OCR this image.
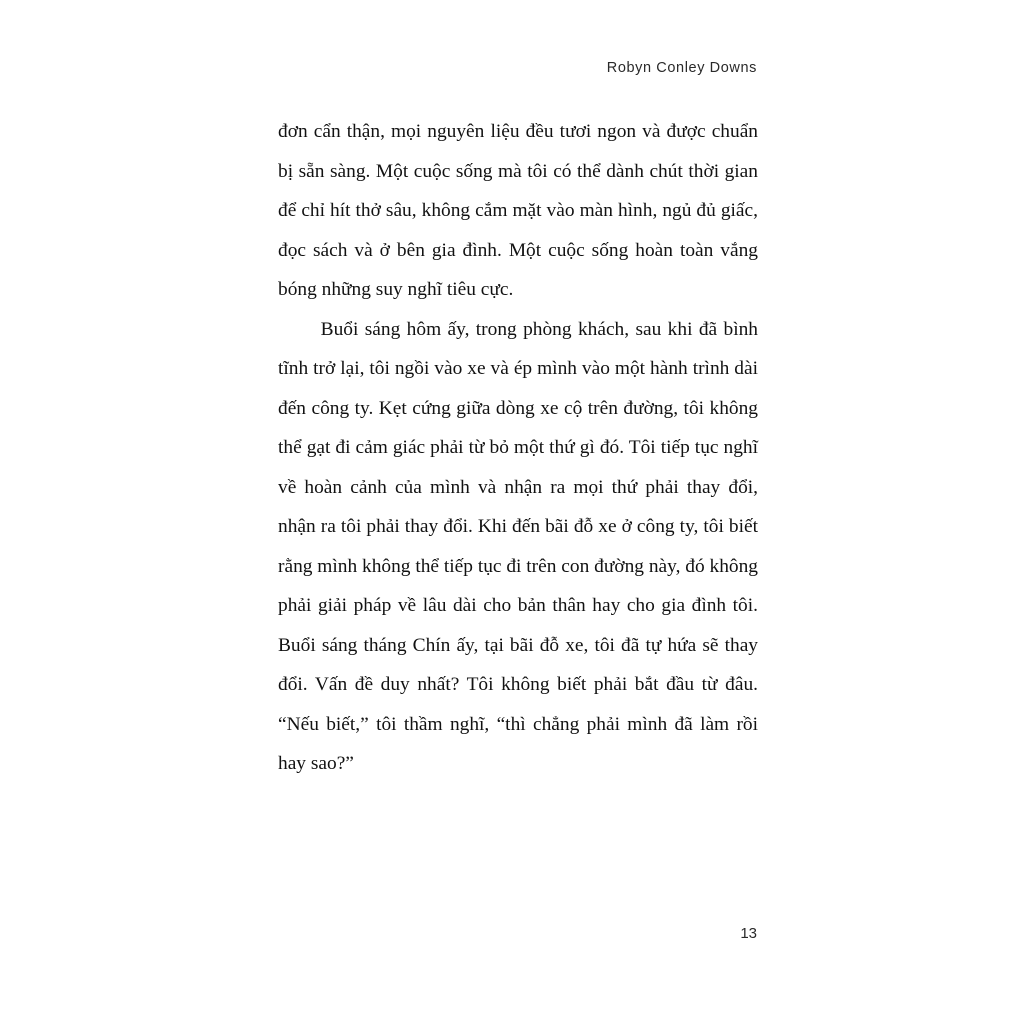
Robyn Conley Downs

đơn cẩn thận, mọi nguyên liệu đều tươi ngon và được chuẩn bị sẵn sàng. Một cuộc sống mà tôi có thể dành chút thời gian để chỉ hít thở sâu, không cắm mặt vào màn hình, ngủ đủ giấc, đọc sách và ở bên gia đình. Một cuộc sống hoàn toàn vắng bóng những suy nghĩ tiêu cực.

Buổi sáng hôm ấy, trong phòng khách, sau khi đã bình tĩnh trở lại, tôi ngồi vào xe và ép mình vào một hành trình dài đến công ty. Kẹt cứng giữa dòng xe cộ trên đường, tôi không thể gạt đi cảm giác phải từ bỏ một thứ gì đó. Tôi tiếp tục nghĩ về hoàn cảnh của mình và nhận ra mọi thứ phải thay đổi, nhận ra tôi phải thay đổi. Khi đến bãi đỗ xe ở công ty, tôi biết rằng mình không thể tiếp tục đi trên con đường này, đó không phải giải pháp về lâu dài cho bản thân hay cho gia đình tôi. Buổi sáng tháng Chín ấy, tại bãi đỗ xe, tôi đã tự hứa sẽ thay đổi. Vấn đề duy nhất? Tôi không biết phải bắt đầu từ đâu. “Nếu biết,” tôi thầm nghĩ, “thì chẳng phải mình đã làm rồi hay sao?”

13
